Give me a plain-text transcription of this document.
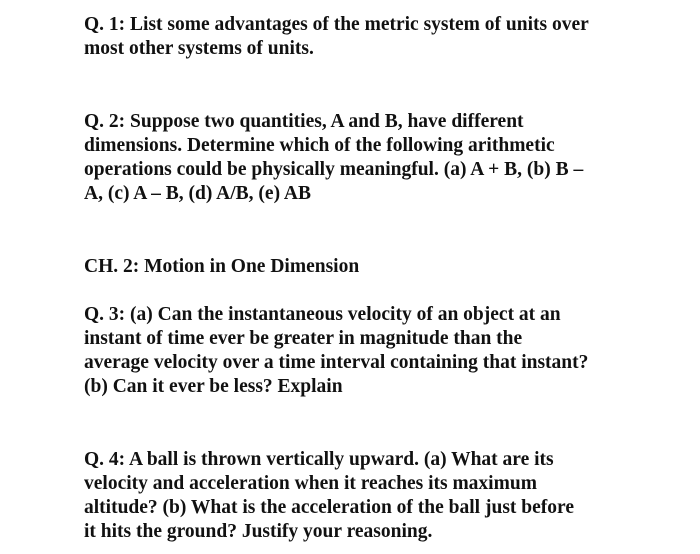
Q. 1: List some advantages of the metric system of units over
most other systems of units.

Q. 2: Suppose two quantities, A and B, have different
dimensions. Determine which of the following arithmetic
operations could be physically meaningful. (a) A + B, (b) B –
A, (c) A – B, (d) A/B, (e) AB

CH. 2: Motion in One Dimension

Q. 3: (a) Can the instantaneous velocity of an object at an
instant of time ever be greater in magnitude than the
average velocity over a time interval containing that instant?
(b) Can it ever be less? Explain

Q. 4: A ball is thrown vertically upward. (a) What are its
velocity and acceleration when it reaches its maximum
altitude? (b) What is the acceleration of the ball just before
it hits the ground? Justify your reasoning.
